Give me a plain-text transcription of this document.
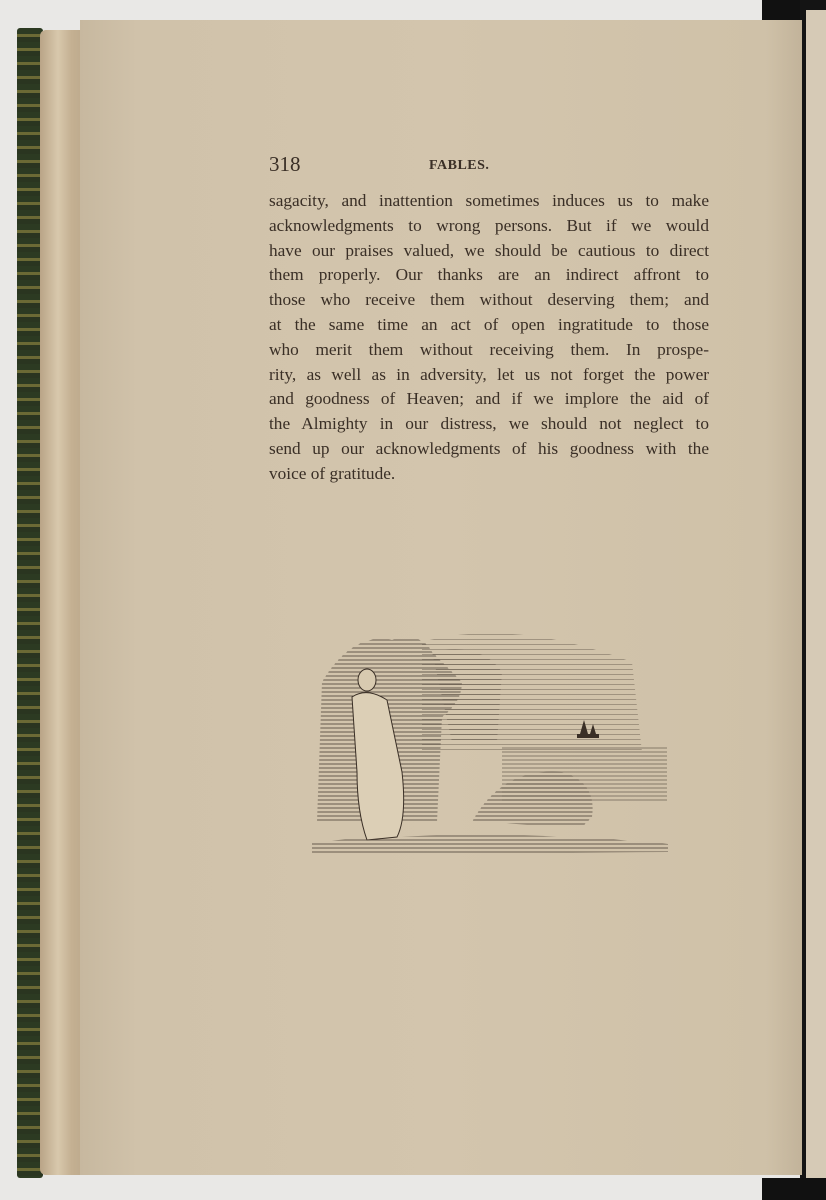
318	FABLES.
sagacity, and inattention sometimes induces us to make
acknowledgments to wrong persons. But if we would
have our praises valued, we should be cautious to direct
them properly. Our thanks are an indirect affront to
those who receive them without deserving them; and
at the same time an act of open ingratitude to those
who merit them without receiving them. In prospe-
rity, as well as in adversity, let us not forget the power
and goodness of Heaven; and if we implore the aid of
the Almighty in our distress, we should not neglect to
send up our acknowledgments of his goodness with the
voice of gratitude.
